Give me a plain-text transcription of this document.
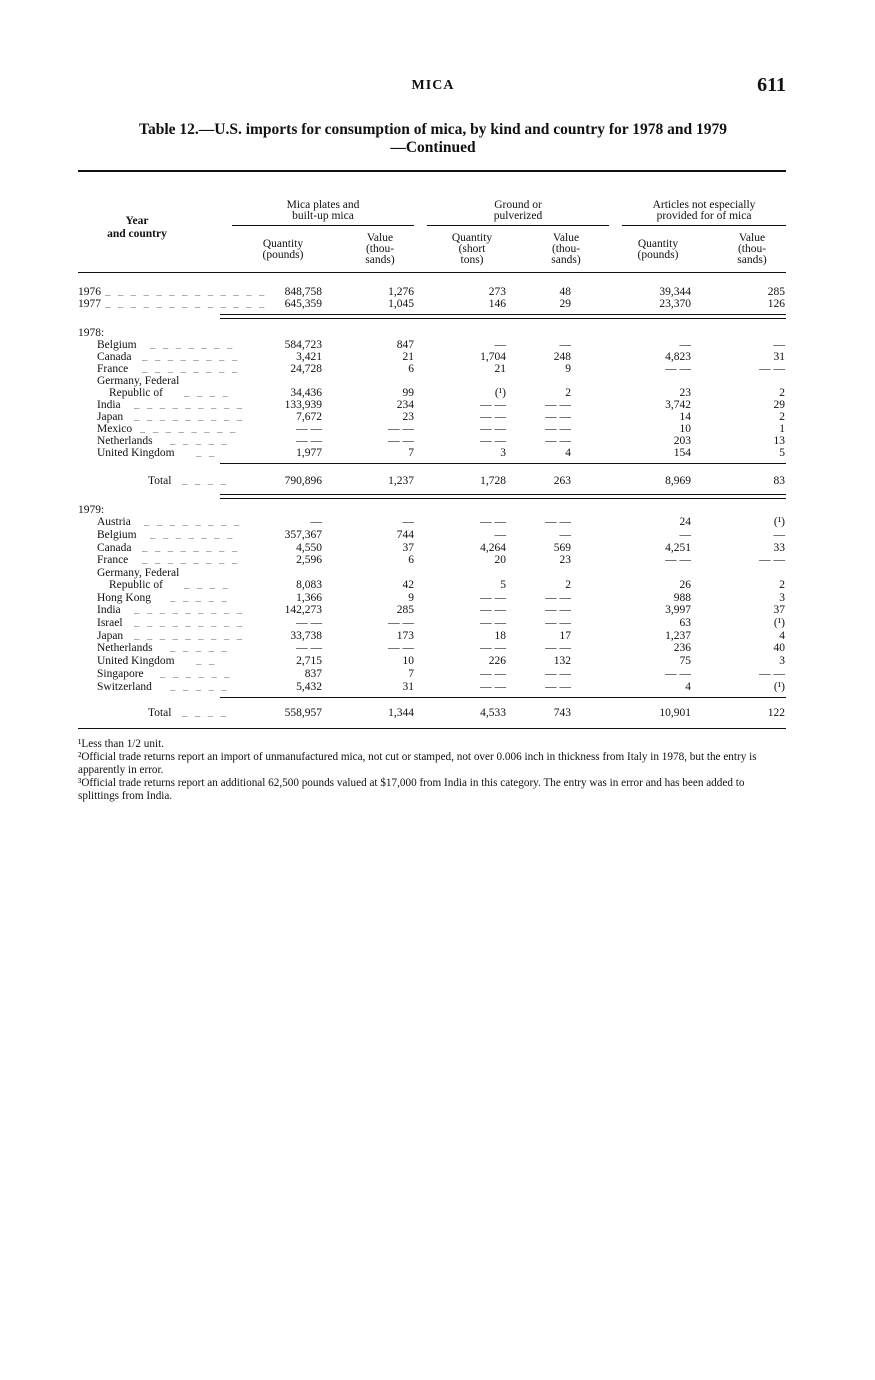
MICA	611
Table 12.—U.S. imports for consumption of mica, by kind and country for 1978 and 1979
—Continued
Year
and country
Mica plates and
built-up mica
Ground or
pulverized
Articles not especially
provided for of mica
Quantity
(pounds)
Value
(thou-
sands)
Quantity
(short
tons)
Value
(thou-
sands)
Quantity
(pounds)
Value
(thou-
sands)
1976 _ _ _ _ _ _ _ _ _ _ _ _ _ 848,758	1,276	273	48	39,344	285
1977 _ _ _ _ _ _ _ _ _ _ _ _ _ 645,359	1,045	146	29	23,370	126
1978:
Belgium _ _ _ _ _ _ _	584,723	847	—	—	—	—
Canada _ _ _ _ _ _ _ _	3,421	21	1,704	248	4,823	31
France _ _ _ _ _ _ _ _	24,728	6	21	9	— —	— —
Germany, Federal
Republic of _ _ _ _	34,436	99	(¹)	2	23	2
India _ _ _ _ _ _ _ _ _	133,939	234	— —	— —	3,742	29
Japan _ _ _ _ _ _ _ _ _	7,672	23	— —	— —	14	2
Mexico _ _ _ _ _ _ _ _	— —	— —	— —	— —	10	1
Netherlands _ _ _ _ _	— —	— —	— —	— —	203	13
United Kingdom _ _	1,977	7	3	4	154	5
Total _ _ _ _	790,896	1,237	1,728	263	8,969	83
1979:
Austria _ _ _ _ _ _ _ _	—	—	— —	— —	24	(¹)
Belgium _ _ _ _ _ _ _	357,367	744	—	—	—	—
Canada _ _ _ _ _ _ _ _	4,550	37	4,264	569	4,251	33
France _ _ _ _ _ _ _ _	2,596	6	20	23	— —	— —
Germany, Federal
Republic of _ _ _ _	8,083	42	5	2	26	2
Hong Kong _ _ _ _ _	1,366	9	— —	— —	988	3
India _ _ _ _ _ _ _ _ _	142,273	285	— —	— —	3,997	37
Israel _ _ _ _ _ _ _ _ _	— —	— —	— —	— —	63	(¹)
Japan _ _ _ _ _ _ _ _ _	33,738	173	18	17	1,237	4
Netherlands _ _ _ _ _	— —	— —	— —	— —	236	40
United Kingdom _ _	2,715	10	226	132	75	3
Singapore _ _ _ _ _ _	837	7	— —	— —	— —	— —
Switzerland _ _ _ _ _	5,432	31	— —	— —	4	(¹)
Total _ _ _ _	558,957	1,344	4,533	743	10,901	122

¹Less than 1/2 unit.

²Official trade returns report an import of unmanufactured mica, not cut or stamped, not over 0.006 inch in thickness from Italy in 1978, but the entry is apparently in error.

³Official trade returns report an additional 62,500 pounds valued at $17,000 from India in this category. The entry was in error and has been added to splittings from India.
